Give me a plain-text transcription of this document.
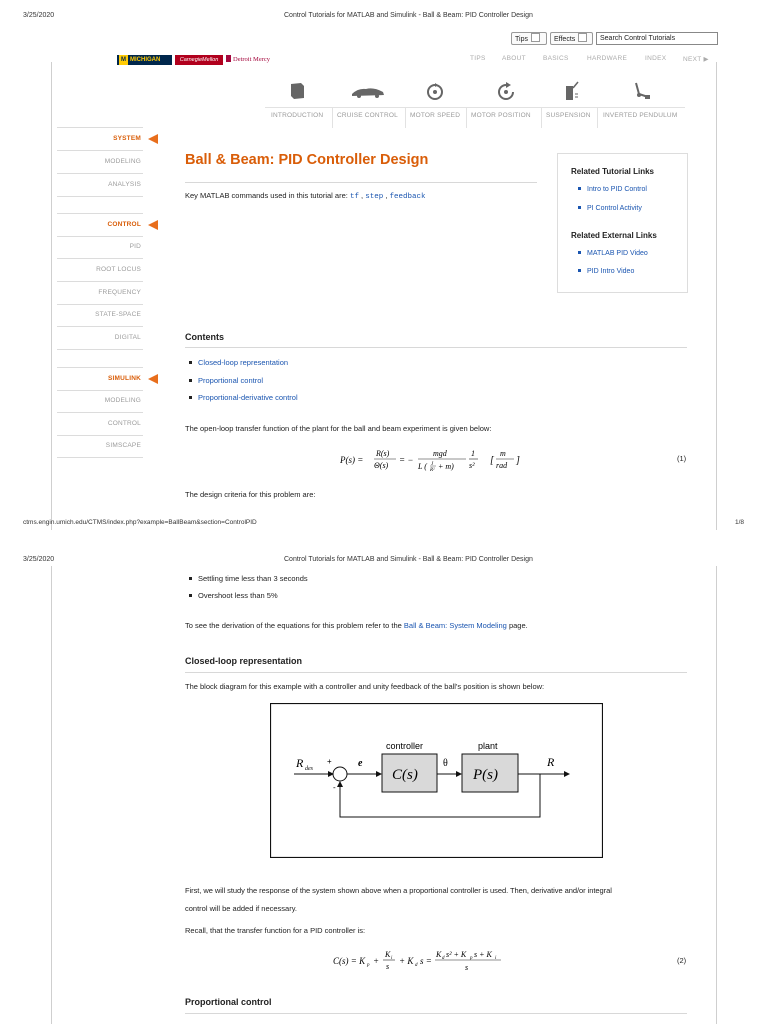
3/25/2020	Control Tutorials for MATLAB and Simulink - Ball & Beam: PID Controller Design
Tips	Effects	Search Control Tutorials
M MICHIGAN	CarnegieMellon	Detroit Mercy	TIPS	ABOUT	BASICS	HARDWARE	INDEX	NEXT ▶
INTRODUCTION CRUISE CONTROL MOTOR SPEED MOTOR POSITION SUSPENSION INVERTED PENDULUM
SYSTEM
MODELING
ANALYSIS
CONTROL
PID
ROOT LOCUS
FREQUENCY
STATE-SPACE
DIGITAL
SIMULINK
MODELING
CONTROL
SIMSCAPE
Ball & Beam: PID Controller Design
Key MATLAB commands used in this tutorial are: tf , step , feedback
Related Tutorial Links
Intro to PID Control
PI Control Activity
Related External Links
MATLAB PID Video
PID Intro Video
Contents
Closed-loop representation
Proportional control
Proportional-derivative control
The open-loop transfer function of the plant for the ball and beam experiment is given below:
P(s) =
R(s)
Θ(s)
= −
mgd
L ( J
R² + m)
1
s² [
m
rad ]	(1)
The design criteria for this problem are:
ctms.engin.umich.edu/CTMS/index.php?example=BallBeam&section=ControlPID	1/8
3/25/2020	Control Tutorials for MATLAB and Simulink - Ball & Beam: PID Controller Design
Settling time less than 3 seconds
Overshoot less than 5%
To see the derivation of the equations for this problem refer to the Ball & Beam: System Modeling page.
Closed-loop representation
The block diagram for this example with a controller and unity feedback of the ball's position is shown below:
R des
+
-
e
controller
C(s)
θ
plant
P(s)
R
First, we will study the response of the system shown above when a proportional controller is used. Then, derivative and/or integral
control will be added if necessary.
Recall, that the transfer function for a PID controller is:
C(s) = K p +
K i
s
+ K d s =
K d s² + K p s + K i
s
(2)
Proportional control
